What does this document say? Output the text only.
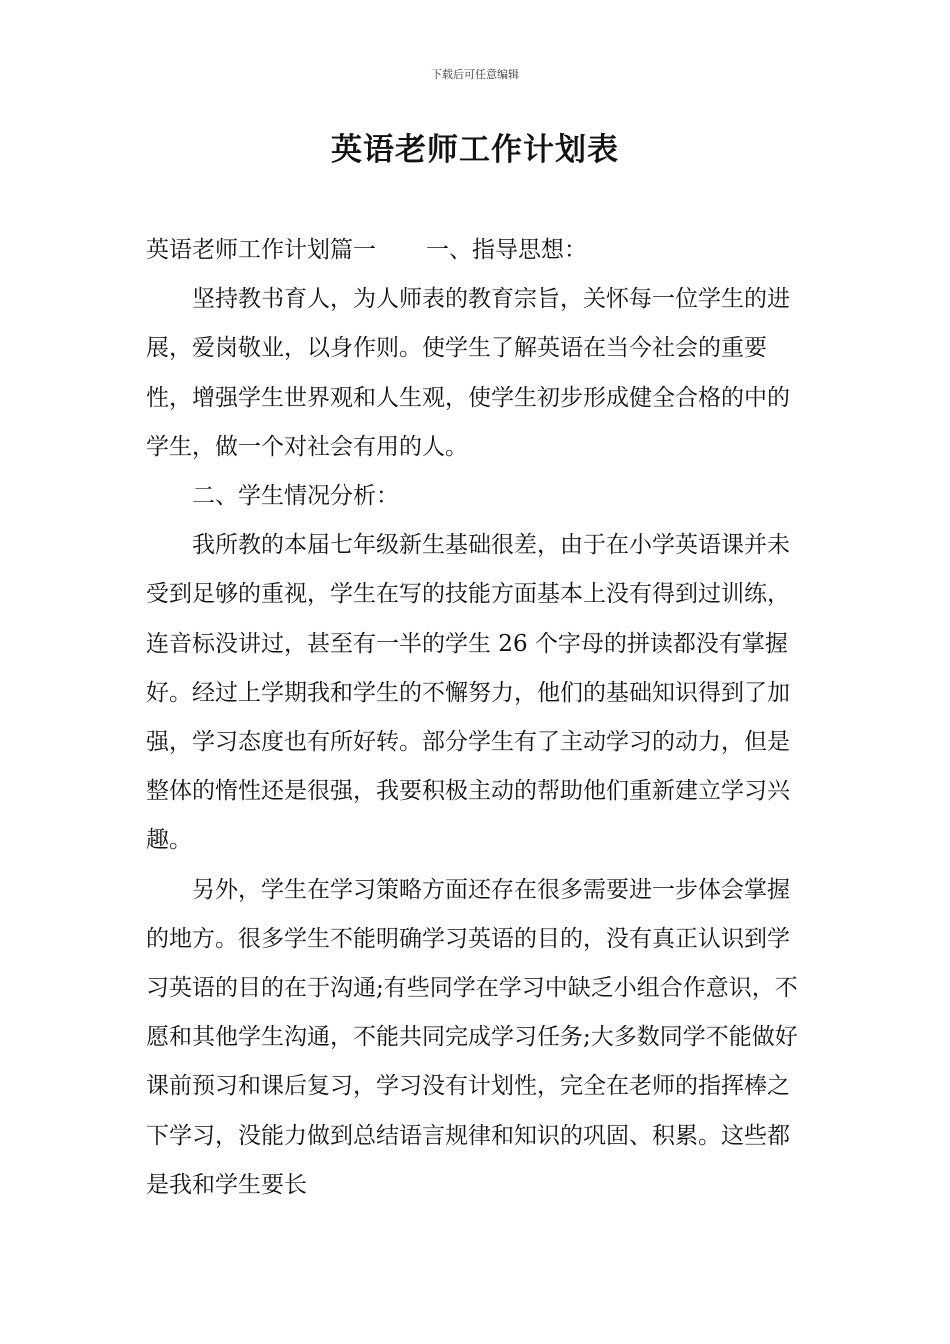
下载后可任意编辑
英语老师工作计划表

英语老师工作计划篇一 一、指导思想：

坚持教书育人，为人师表的教育宗旨，关怀每一位学生的进展，爱岗敬业，以身作则。使学生了解英语在当今社会的重要性，增强学生世界观和人生观，使学生初步形成健全合格的中的学生，做一个对社会有用的人。

二、学生情况分析：

我所教的本届七年级新生基础很差，由于在小学英语课并未受到足够的重视，学生在写的技能方面基本上没有得到过训练，连音标没讲过，甚至有一半的学生 26 个字母的拼读都没有掌握好。经过上学期我和学生的不懈努力，他们的基础知识得到了加强，学习态度也有所好转。部分学生有了主动学习的动力，但是整体的惰性还是很强，我要积极主动的帮助他们重新建立学习兴趣。

另外，学生在学习策略方面还存在很多需要进一步体会掌握的地方。很多学生不能明确学习英语的目的，没有真正认识到学习英语的目的在于沟通;有些同学在学习中缺乏小组合作意识，不愿和其他学生沟通，不能共同完成学习任务;大多数同学不能做好课前预习和课后复习，学习没有计划性，完全在老师的指挥棒之下学习，没能力做到总结语言规律和知识的巩固、积累。这些都是我和学生要长
